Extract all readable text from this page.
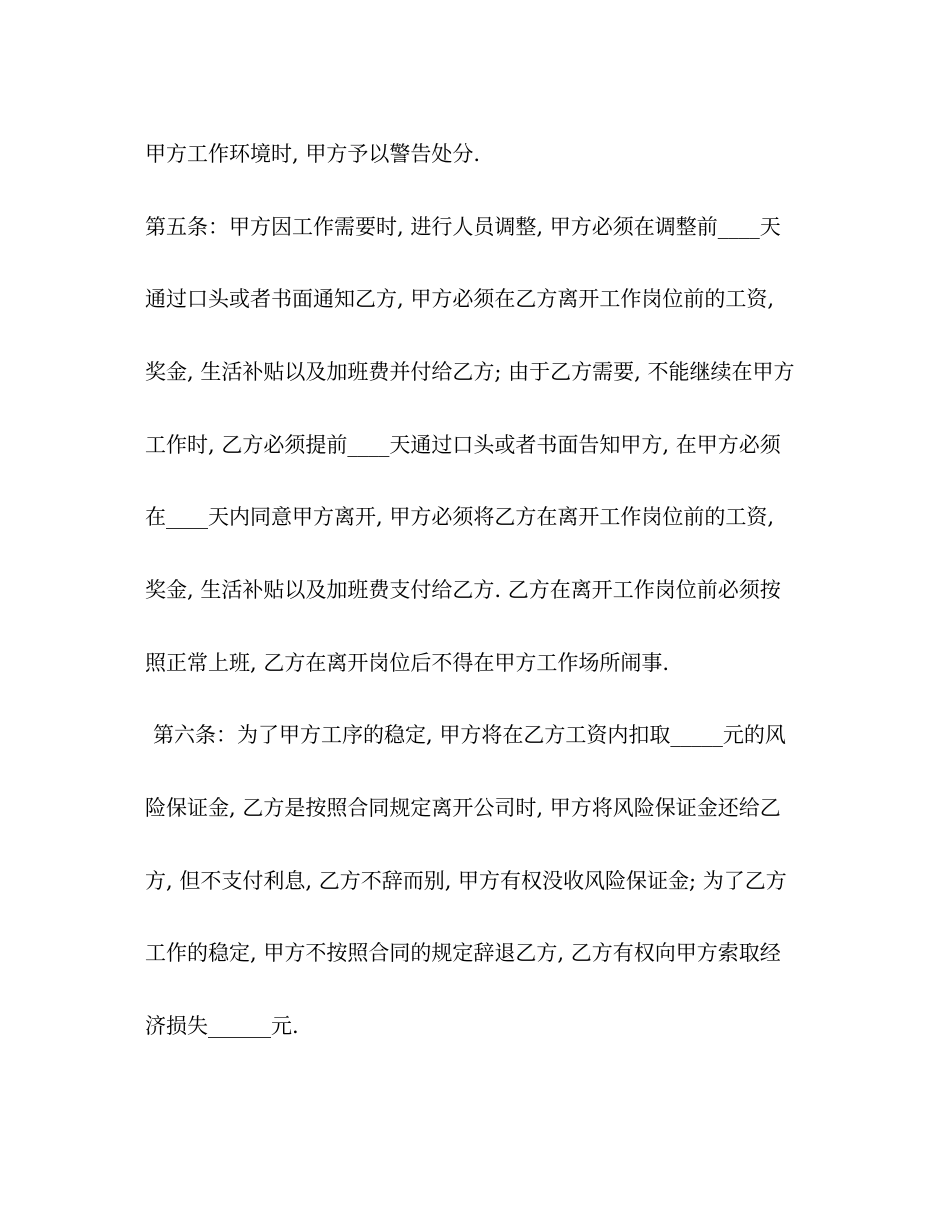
甲方工作环境时, 甲方予以警告处分.
第五条：甲方因工作需要时, 进行人员调整, 甲方必须在调整前____天
通过口头或者书面通知乙方, 甲方必须在乙方离开工作岗位前的工资,
奖金, 生活补贴以及加班费并付给乙方; 由于乙方需要, 不能继续在甲方
工作时, 乙方必须提前____天通过口头或者书面告知甲方, 在甲方必须
在____天内同意甲方离开, 甲方必须将乙方在离开工作岗位前的工资,
奖金, 生活补贴以及加班费支付给乙方. 乙方在离开工作岗位前必须按
照正常上班, 乙方在离开岗位后不得在甲方工作场所闹事.
第六条：为了甲方工序的稳定, 甲方将在乙方工资内扣取_____元的风
险保证金, 乙方是按照合同规定离开公司时, 甲方将风险保证金还给乙
方, 但不支付利息, 乙方不辞而别, 甲方有权没收风险保证金; 为了乙方
工作的稳定, 甲方不按照合同的规定辞退乙方, 乙方有权向甲方索取经
济损失______元.
